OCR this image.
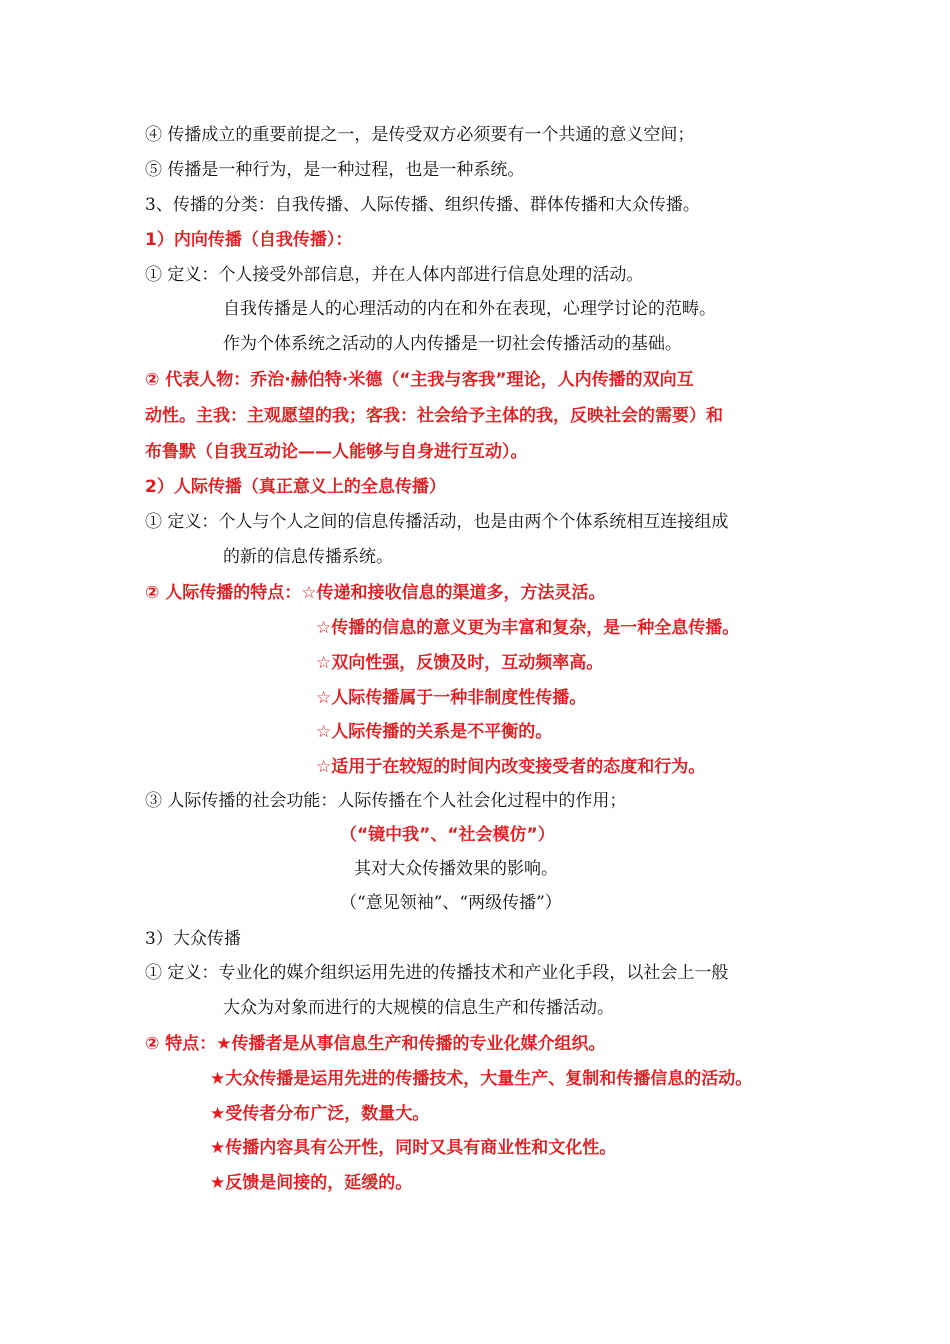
④ 传播成立的重要前提之一，是传受双方必须要有一个共通的意义空间；
⑤ 传播是一种行为，是一种过程，也是一种系统。
3、传播的分类：自我传播、人际传播、组织传播、群体传播和大众传播。
1）内向传播（自我传播）：
① 定义：个人接受外部信息，并在人体内部进行信息处理的活动。
自我传播是人的心理活动的内在和外在表现，心理学讨论的范畴。
作为个体系统之活动的人内传播是一切社会传播活动的基础。
② 代表人物：乔治·赫伯特·米德（“主我与客我”理论，人内传播的双向互
动性。主我：主观愿望的我；客我：社会给予主体的我，反映社会的需要）和
布鲁默（自我互动论——人能够与自身进行互动）。
2）人际传播（真正意义上的全息传播）
① 定义：个人与个人之间的信息传播活动，也是由两个个体系统相互连接组成
的新的信息传播系统。
② 人际传播的特点：☆传递和接收信息的渠道多，方法灵活。
☆传播的信息的意义更为丰富和复杂，是一种全息传播。
☆双向性强，反馈及时，互动频率高。
☆人际传播属于一种非制度性传播。
☆人际传播的关系是不平衡的。
☆适用于在较短的时间内改变接受者的态度和行为。
③ 人际传播的社会功能：人际传播在个人社会化过程中的作用；
（“镜中我”、“社会模仿”）
其对大众传播效果的影响。
（“意见领袖”、“两级传播”）
3）大众传播
① 定义：专业化的媒介组织运用先进的传播技术和产业化手段，以社会上一般
大众为对象而进行的大规模的信息生产和传播活动。
② 特点：★传播者是从事信息生产和传播的专业化媒介组织。
★大众传播是运用先进的传播技术，大量生产、复制和传播信息的活动。
★受传者分布广泛，数量大。
★传播内容具有公开性，同时又具有商业性和文化性。
★反馈是间接的，延缓的。
